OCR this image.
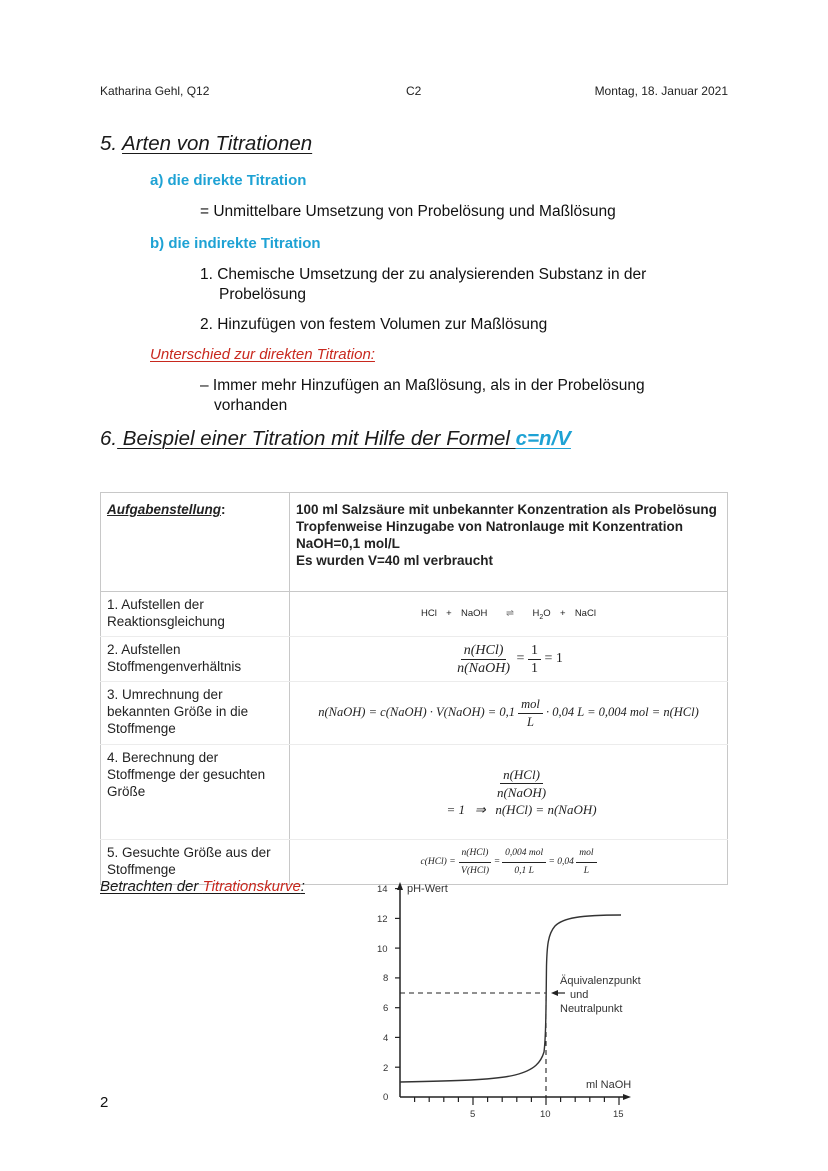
Katharina Gehl, Q12	C2	Montag, 18. Januar 2021
5. Arten von Titrationen
a) die direkte Titration
= Unmittelbare Umsetzung von Probelösung und Maßlösung
b) die indirekte Titration
1. Chemische Umsetzung der zu analysierenden Substanz in der
Probelösung
2. Hinzufügen von festem Volumen zur Maßlösung
Unterschied zur direkten Titration:
– Immer mehr Hinzufügen an Maßlösung, als in der Probelösung
vorhanden
6. Beispiel einer Titration mit Hilfe der Formel c=n/V
Aufgabenstellung:	100 ml Salzsäure mit unbekannter Konzentration als Probelösung
Tropfenweise Hinzugabe von Natronlauge mit Konzentration
NaOH=0,1 mol/L
Es wurden V=40 ml verbraucht

1. Aufstellen der Reaktionsgleichung	HCl + NaOH ⇌ $H_2O$ + NaCl
2. Aufstellen Stoffmengenverhältnis	$\frac{\text{n(HCl)}}{\text{n(NaOH)}} = \frac{1}{1} = 1$
3. Umrechnung der bekannten Größe in die Stoffmenge	n(NaOH) = c(NaOH) · V(NaOH) = $0,1 \frac{\text{mol}}{L} \cdot 0,04$ L = 0,004 mol = n(HCl)
4. Berechnung der Stoffmenge der gesuchten Größe	$\frac{\text{n(HCl)}}{\text{n(NaOH)}}$

= 1   ⇒   n(HCl) = n(NaOH)

5. Gesuchte Größe aus der Stoffmenge	$c(HCl) = \frac{\text{n(HCl)}}{\text{V(HCl)}} = \frac{\text{0,004 mol}}{0,1 L} = 0,04 \frac{\text{mol}}{L}$
Betrachten der Titrationskurve:	14
12
10
8
6
4
2
0
5	10	15
pH-Wert
ml NaOH
Äquivalenzpunkt
und
Neutralpunkt
2
